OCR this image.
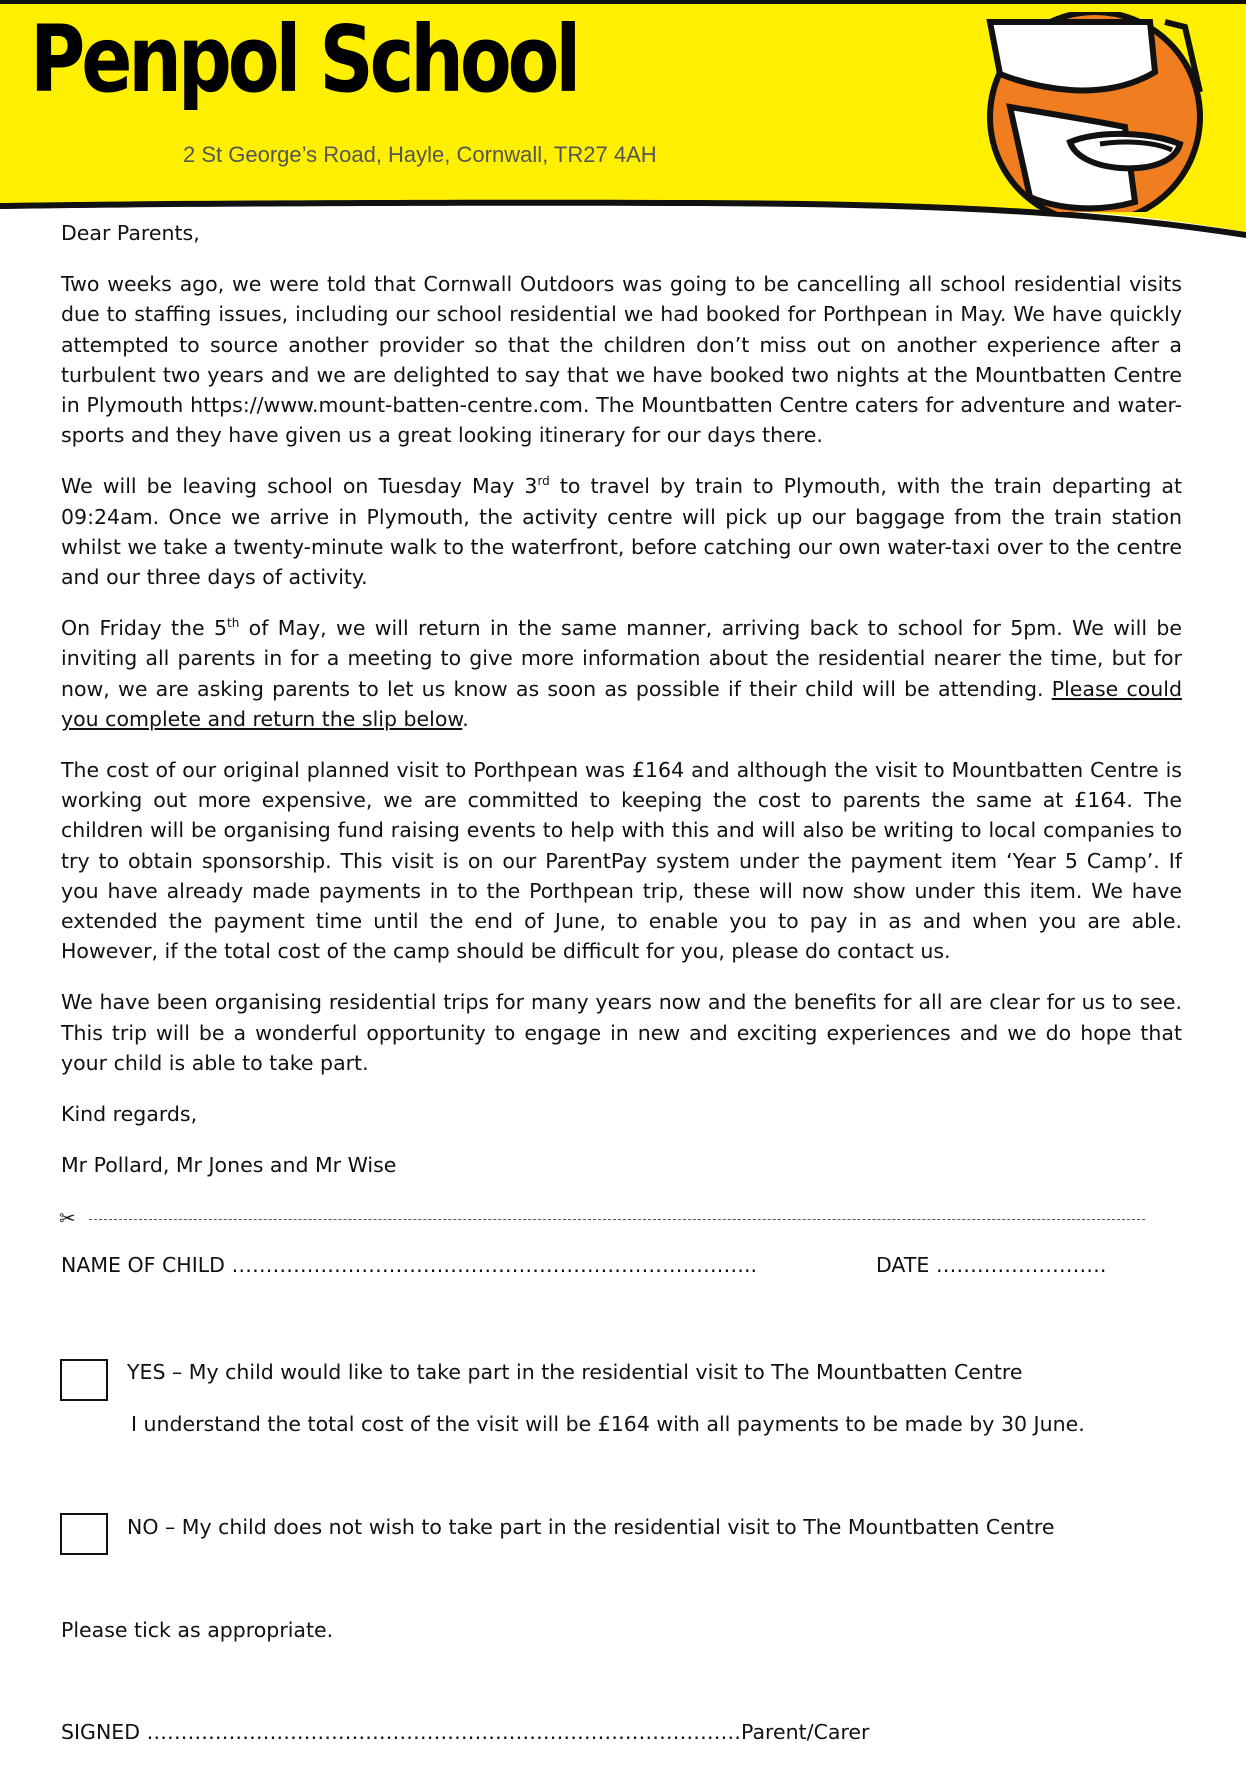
Penpol School
2 St George’s Road, Hayle, Cornwall, TR27 4AH

Dear Parents,

Two weeks ago, we were told that Cornwall Outdoors was going to be cancelling all school residential visits due to staffing issues, including our school residential we had booked for Porthpean in May. We have quickly attempted to source another provider so that the children don’t miss out on another experience after a turbulent two years and we are delighted to say that we have booked two nights at the Mountbatten Centre in Plymouth https://www.mount-batten-centre.com. The Mountbatten Centre caters for adventure and water-sports and they have given us a great looking itinerary for our days there.

We will be leaving school on Tuesday May 3rd to travel by train to Plymouth, with the train departing at 09:24am. Once we arrive in Plymouth, the activity centre will pick up our baggage from the train station whilst we take a twenty-minute walk to the waterfront, before catching our own water-taxi over to the centre and our three days of activity.

On Friday the 5th of May, we will return in the same manner, arriving back to school for 5pm. We will be inviting all parents in for a meeting to give more information about the residential nearer the time, but for now, we are asking parents to let us know as soon as possible if their child will be attending. Please could you complete and return the slip below.

The cost of our original planned visit to Porthpean was £164 and although the visit to Mountbatten Centre is working out more expensive, we are committed to keeping the cost to parents the same at £164. The children will be organising fund raising events to help with this and will also be writing to local companies to try to obtain sponsorship. This visit is on our ParentPay system under the payment item ‘Year 5 Camp’. If you have already made payments in to the Porthpean trip, these will now show under this item. We have extended the payment time until the end of June, to enable you to pay in as and when you are able. However, if the total cost of the camp should be difficult for you, please do contact us.

We have been organising residential trips for many years now and the benefits for all are clear for us to see. This trip will be a wonderful opportunity to engage in new and exciting experiences and we do hope that your child is able to take part.

Kind regards,

Mr Pollard, Mr Jones and Mr Wise

✂
NAME OF CHILD …………………………………………………………………..	DATE …………………….
YES – My child would like to take part in the residential visit to The Mountbatten Centre
I understand the total cost of the visit will be £164 with all payments to be made by 30 June.
NO – My child does not wish to take part in the residential visit to The Mountbatten Centre
Please tick as appropriate.
SIGNED ……………………………………………………………………………Parent/Carer
